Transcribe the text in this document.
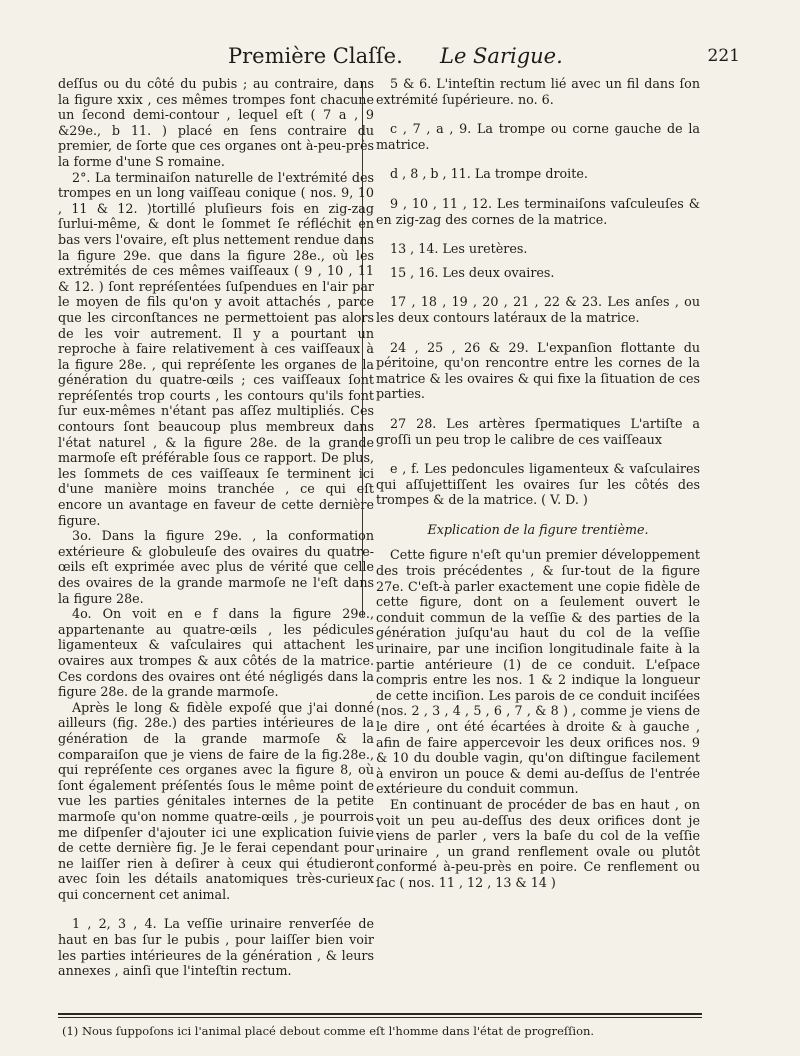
Première Claſſe. Le Sarigue.	221

deſſus ou du côté du pubis ; au contraire, dans la figure xxix , ces mêmes trompes font chacune un ſecond demi-contour , lequel eſt ( 7 a , 9 &29e., b 11. ) placé en ſens contraire du premier, de ſorte que ces organes ont à-peu-près la forme d'une S romaine.

2°. La terminaiſon naturelle de l'extrémité des trompes en un long vaiſſeau conique ( nos. 9, 10 , 11 & 12. )tortillé pluſieurs fois en zig-zag ſurlui-même, & dont le ſommet ſe réfléchit en bas vers l'ovaire, eſt plus nettement rendue dans la figure 29e. que dans la figure 28e., où les extrémités de ces mêmes vaiſſeaux ( 9 , 10 , 11 & 12. ) ſont repréſentées ſuſpendues en l'air par le moyen de fils qu'on y avoit attachés , parce que les circonſtances ne permettoient pas alors de les voir autrement. Il y a pourtant un reproche à faire relativement à ces vaiſſeaux à la figure 28e. , qui repréſente les organes de la génération du quatre-œils ; ces vaiſſeaux ſont repréſentés trop courts , les contours qu'ils font ſur eux-mêmes n'étant pas aſſez multipliés. Ces contours ſont beaucoup plus membreux dans l'état naturel , & la figure 28e. de la grande marmoſe eſt préférable ſous ce rapport. De plus, les ſommets de ces vaiſſeaux ſe terminent ici d'une manière moins tranchée , ce qui eſt encore un avantage en faveur de cette dernière figure.

3o. Dans la figure 29e. , la conformation extérieure & globuleuſe des ovaires du quatre-œils eſt exprimée avec plus de vérité que celle des ovaires de la grande marmoſe ne l'eſt dans la figure 28e.

4o. On voit en e f dans la figure 29e., appartenante au quatre-œils , les pédicules ligamenteux & vaſculaires qui attachent les ovaires aux trompes & aux côtés de la matrice. Ces cordons des ovaires ont été négligés dans la figure 28e. de la grande marmoſe.

Après le long & fidèle expoſé que j'ai donné ailleurs (fig. 28e.) des parties intérieures de la génération de la grande marmoſe & la comparaiſon que je viens de faire de la fig.28e., qui repréſente ces organes avec la figure 8, où ſont également préſentés ſous le même point de vue les parties génitales internes de la petite marmoſe qu'on nomme quatre-œils , je pourrois me diſpenſer d'ajouter ici une explication ſuivie de cette dernière fig. Je le ferai cependant pour ne laiſſer rien à deſirer à ceux qui étudieront avec ſoin les détails anatomiques très-curieux qui concernent cet animal.

1 , 2, 3 , 4. La veſſie urinaire renverſée de haut en bas ſur le pubis , pour laiſſer bien voir les parties intérieures de la génération , & leurs annexes , ainſi que l'inteſtin rectum.

5 & 6. L'inteſtin rectum lié avec un fil dans ſon extrémité ſupérieure. no. 6.

c , 7 , a , 9. La trompe ou corne gauche de la matrice.

d , 8 , b , 11. La trompe droite.

9 , 10 , 11 , 12. Les terminaiſons vaſculeuſes & en zig-zag des cornes de la matrice.

13 , 14. Les uretères.

15 , 16. Les deux ovaires.

17 , 18 , 19 , 20 , 21 , 22 & 23. Les anſes , ou les deux contours latéraux de la matrice.

24 , 25 , 26 & 29. L'expanſion flottante du péritoine, qu'on rencontre entre les cornes de la matrice & les ovaires & qui fixe la ſituation de ces parties.

27 28. Les artères ſpermatiques L'artiſte a groſſi un peu trop le calibre de ces vaiſſeaux

e , f. Les pedoncules ligamenteux & vaſculaires qui aſſujettiſſent les ovaires ſur les côtés des trompes & de la matrice. ( V. D. )

Explication de la figure trentième.

Cette figure n'eſt qu'un premier développement des trois précédentes , & ſur-tout de la figure 27e. C'eſt-à parler exactement une copie fidèle de cette figure, dont on a ſeulement ouvert le conduit commun de la veſſie & des parties de la génération juſqu'au haut du col de la veſſie urinaire, par une inciſion longitudinale faite à la partie antérieure (1) de ce conduit. L'eſpace compris entre les nos. 1 & 2 indique la longueur de cette inciſion. Les parois de ce conduit inciſées (nos. 2 , 3 , 4 , 5 , 6 , 7 , & 8 ) , comme je viens de le dire , ont été écartées à droite & à gauche , afin de faire appercevoir les deux orifices nos. 9 & 10 du double vagin, qu'on diſtingue facilement à environ un pouce & demi au-deſſus de l'entrée extérieure du conduit commun.

En continuant de procéder de bas en haut , on voit un peu au-deſſus des deux orifices dont je viens de parler , vers la baſe du col de la veſſie urinaire , un grand renflement ovale ou plutôt conformé à-peu-près en poire. Ce renflement ou ſac ( nos. 11 , 12 , 13 & 14 )

(1) Nous ſuppoſons ici l'animal placé debout comme eſt l'homme dans l'état de progreſſion.
